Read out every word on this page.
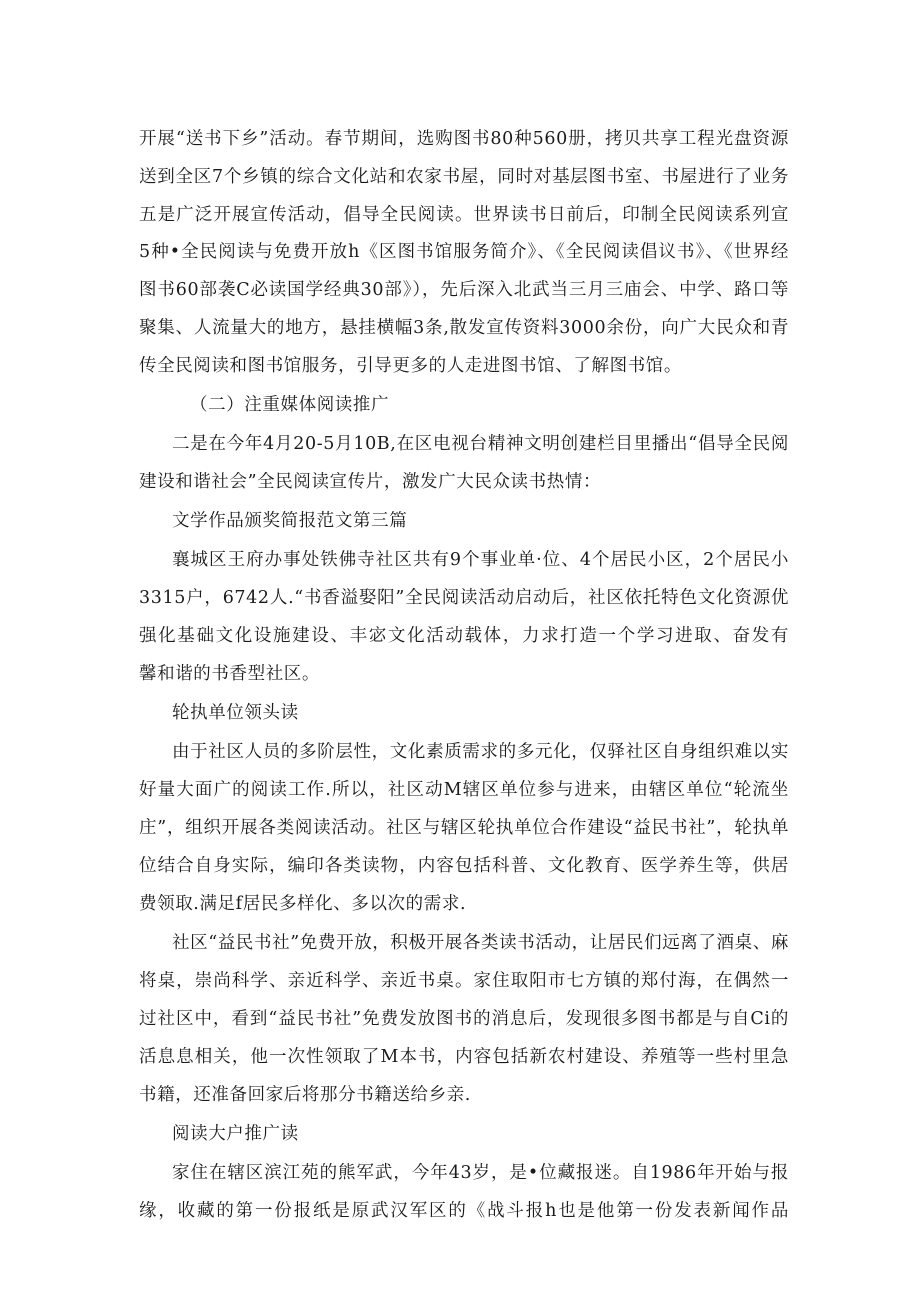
开展“送书下乡”活动。春节期间，选购图书80种560册，拷贝共享工程光盘资源
送到全区7个乡镇的综合文化站和农家书屋，同时对基层图书室、书屋进行了业务
五是广泛开展宣传活动，倡导全民阅读。世界读书日前后，印制全民阅读系列宣
5种•全民阅读与免费开放h《区图书馆服务简介》、《全民阅读倡议书》、《世界经
图书60部袭C必读国学经典30部》），先后深入北武当三月三庙会、中学、路口等
聚集、人流量大的地方，悬挂横幅3条,散发宣传资料3000余份，向广大民众和青
传全民阅读和图书馆服务，引导更多的人走进图书馆、了解图书馆。
（二）注重媒体阅读推广
二是在今年4月20-5月10B,在区电视台精神文明创建栏目里播出“倡导全民阅
建设和谐社会”全民阅读宣传片，激发广大民众读书热情：
文学作品颁奖简报范文第三篇
襄城区王府办事处铁佛寺社区共有9个事业单·位、4个居民小区，2个居民小
3315户，6742人.“书香溢娶阳”全民阅读活动启动后，社区依托特色文化资源优
强化基础文化设施建设、丰宓文化活动载体，力求打造一个学习进取、奋发有
馨和谐的书香型社区。
轮执单位领头读
由于社区人员的多阶层性，文化素质需求的多元化，仅驿社区自身组织难以实
好量大面广的阅读工作.所以，社区动M辖区单位参与进来，由辖区单位“轮流坐
庄”，组织开展各类阅读活动。社区与辖区轮执单位合作建设“益民书社”，轮执单
位结合自身实际，编印各类读物，内容包括科普、文化教育、医学养生等，供居
费领取.满足f居民多样化、多以次的需求.
社区“益民书社”免费开放，积极开展各类读书活动，让居民们远离了酒桌、麻
将桌，崇尚科学、亲近科学、亲近书桌。家住取阳市七方镇的郑付海，在偶然一
过社区中，看到“益民书社”免费发放图书的消息后，发现很多图书都是与自Ci的
活息息相关，他一次性领取了M本书，内容包括新农村建设、养殖等一些村里急
书籍，还准备回家后将那分书籍送给乡亲.
阅读大户推广读
家住在辖区滨江苑的熊军武，今年43岁，是•位藏报迷。自1986年开始与报
缘，收藏的第一份报纸是原武汉军区的《战斗报h也是他第一份发表新闻作品
